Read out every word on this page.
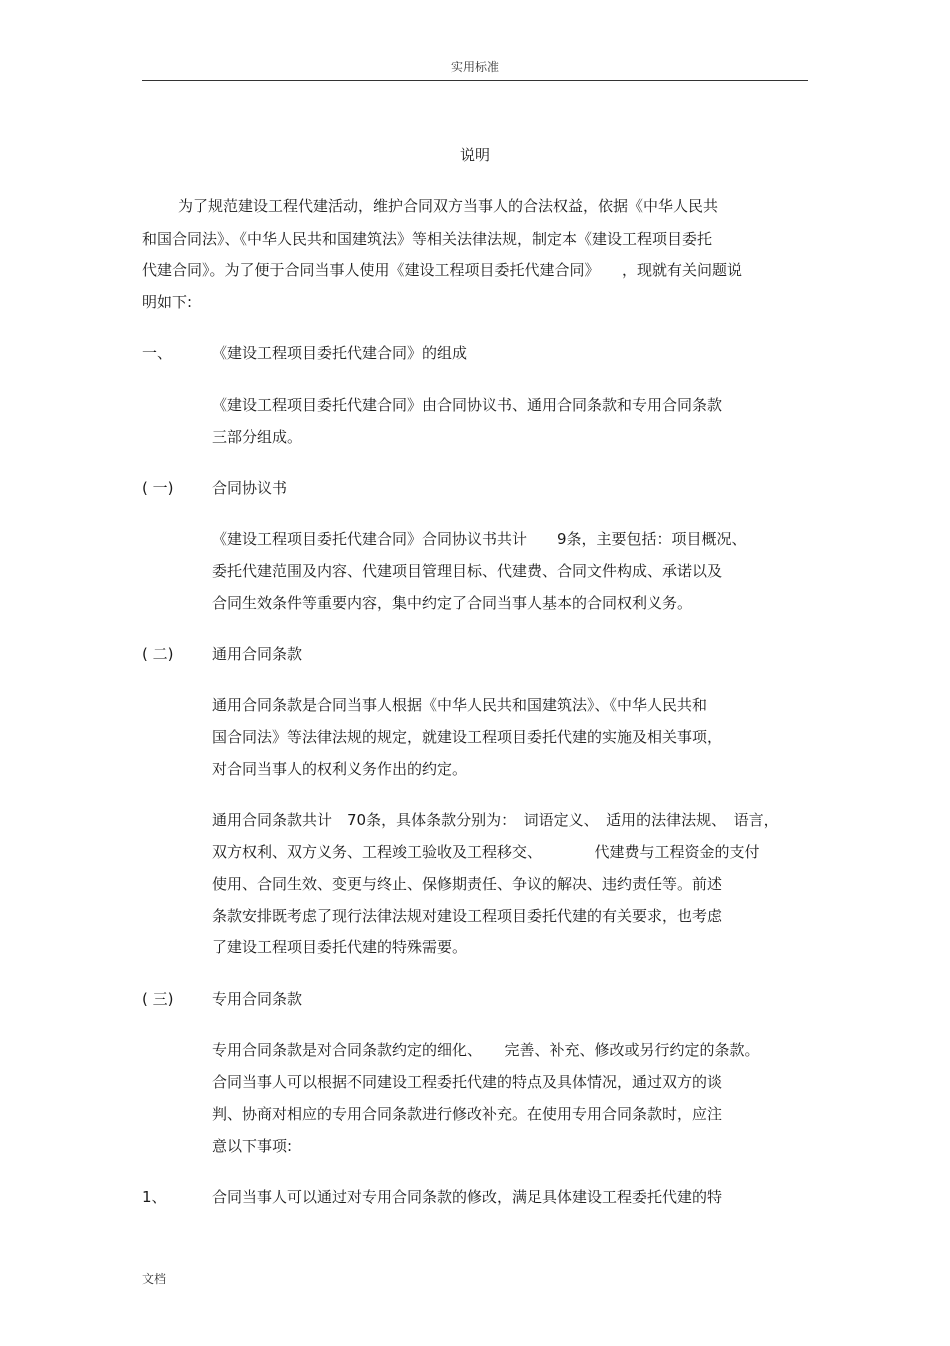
实用标准
说明
为了规范建设工程代建活动，维护合同双方当事人的合法权益，依据《中华人民共
和国合同法》、《中华人民共和国建筑法》等相关法律法规，制定本《建设工程项目委托
代建合同》。为了便于合同当事人使用《建设工程项目委托代建合同》　　，现就有关问题说
明如下:
一、	《建设工程项目委托代建合同》的组成
《建设工程项目委托代建合同》由合同协议书、通用合同条款和专用合同条款
三部分组成。
( 一)	合同协议书
《建设工程项目委托代建合同》合同协议书共计　　9条，主要包括：项目概况、
委托代建范围及内容、代建项目管理目标、代建费、合同文件构成、承诺以及
合同生效条件等重要内容，集中约定了合同当事人基本的合同权利义务。
( 二)	通用合同条款
通用合同条款是合同当事人根据《中华人民共和国建筑法》、《中华人民共和
国合同法》等法律法规的规定，就建设工程项目委托代建的实施及相关事项，
对合同当事人的权利义务作出的约定。
通用合同条款共计　70条，具体条款分别为：　词语定义、　适用的法律法规、　语言，
双方权利、双方义务、工程竣工验收及工程移交、　　　　代建费与工程资金的支付
使用、合同生效、变更与终止、保修期责任、争议的解决、违约责任等。前述
条款安排既考虑了现行法律法规对建设工程项目委托代建的有关要求，也考虑
了建设工程项目委托代建的特殊需要。
( 三)	专用合同条款
专用合同条款是对合同条款约定的细化、　　完善、补充、修改或另行约定的条款。
合同当事人可以根据不同建设工程委托代建的特点及具体情况，通过双方的谈
判、协商对相应的专用合同条款进行修改补充。在使用专用合同条款时，应注
意以下事项:
1、	合同当事人可以通过对专用合同条款的修改，满足具体建设工程委托代建的特
文档
